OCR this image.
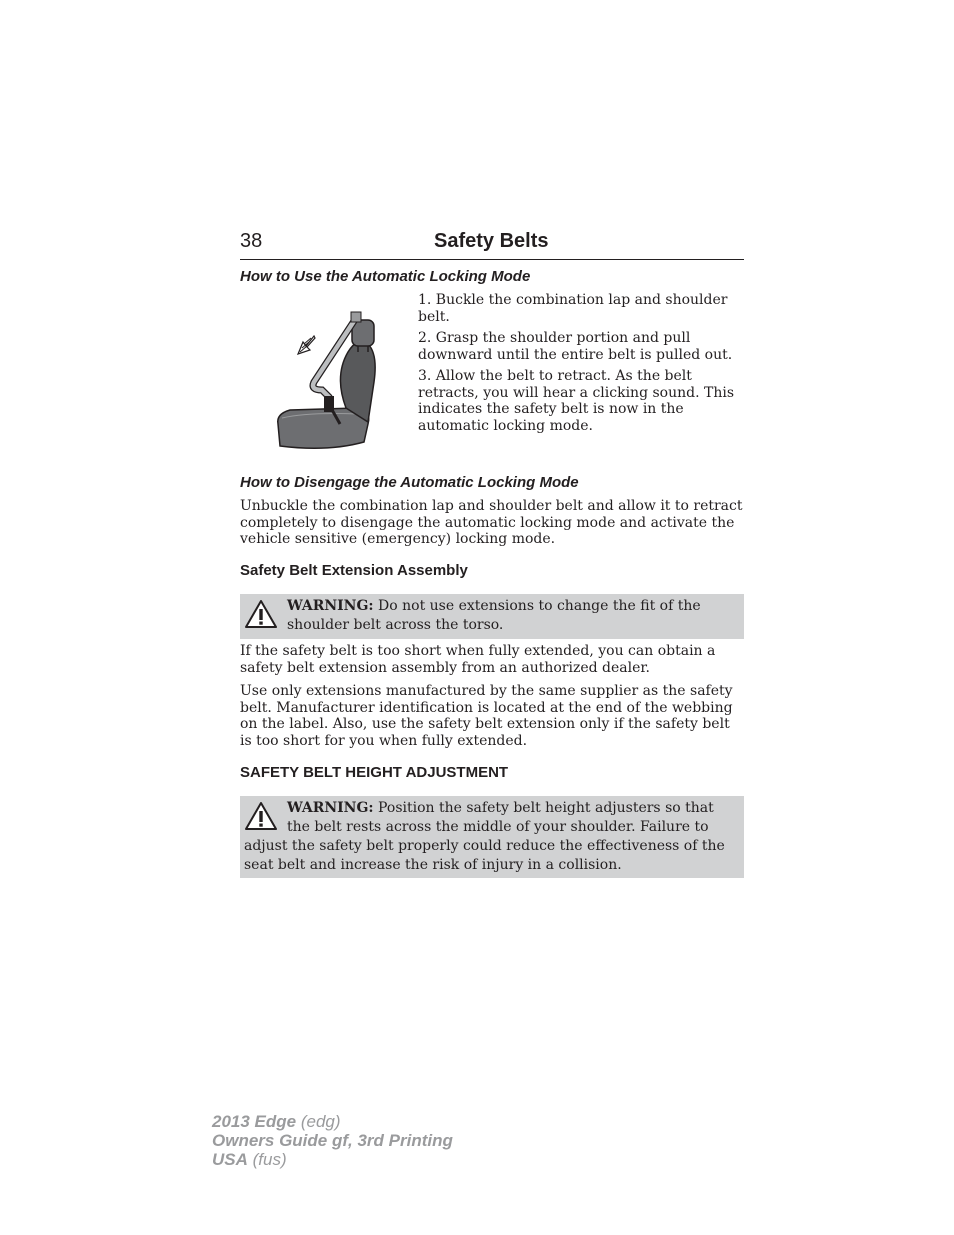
38	Safety Belts
How to Use the Automatic Locking Mode

1. Buckle the combination lap and shoulder belt.

2. Grasp the shoulder portion and pull downward until the entire belt is pulled out.

3. Allow the belt to retract. As the belt retracts, you will hear a clicking sound. This indicates the safety belt is now in the automatic locking mode.

How to Disengage the Automatic Locking Mode

Unbuckle the combination lap and shoulder belt and allow it to retract completely to disengage the automatic locking mode and activate the vehicle sensitive (emergency) locking mode.

Safety Belt Extension Assembly
WARNING: Do not use extensions to change the fit of the shoulder belt across the torso.

If the safety belt is too short when fully extended, you can obtain a safety belt extension assembly from an authorized dealer.

Use only extensions manufactured by the same supplier as the safety belt. Manufacturer identification is located at the end of the webbing on the label. Also, use the safety belt extension only if the safety belt is too short for you when fully extended.

SAFETY BELT HEIGHT ADJUSTMENT
WARNING: Position the safety belt height adjusters so that the belt rests across the middle of your shoulder. Failure to adjust the safety belt properly could reduce the effectiveness of the seat belt and increase the risk of injury in a collision.
2013 Edge (edg)
Owners Guide gf, 3rd Printing
USA (fus)
